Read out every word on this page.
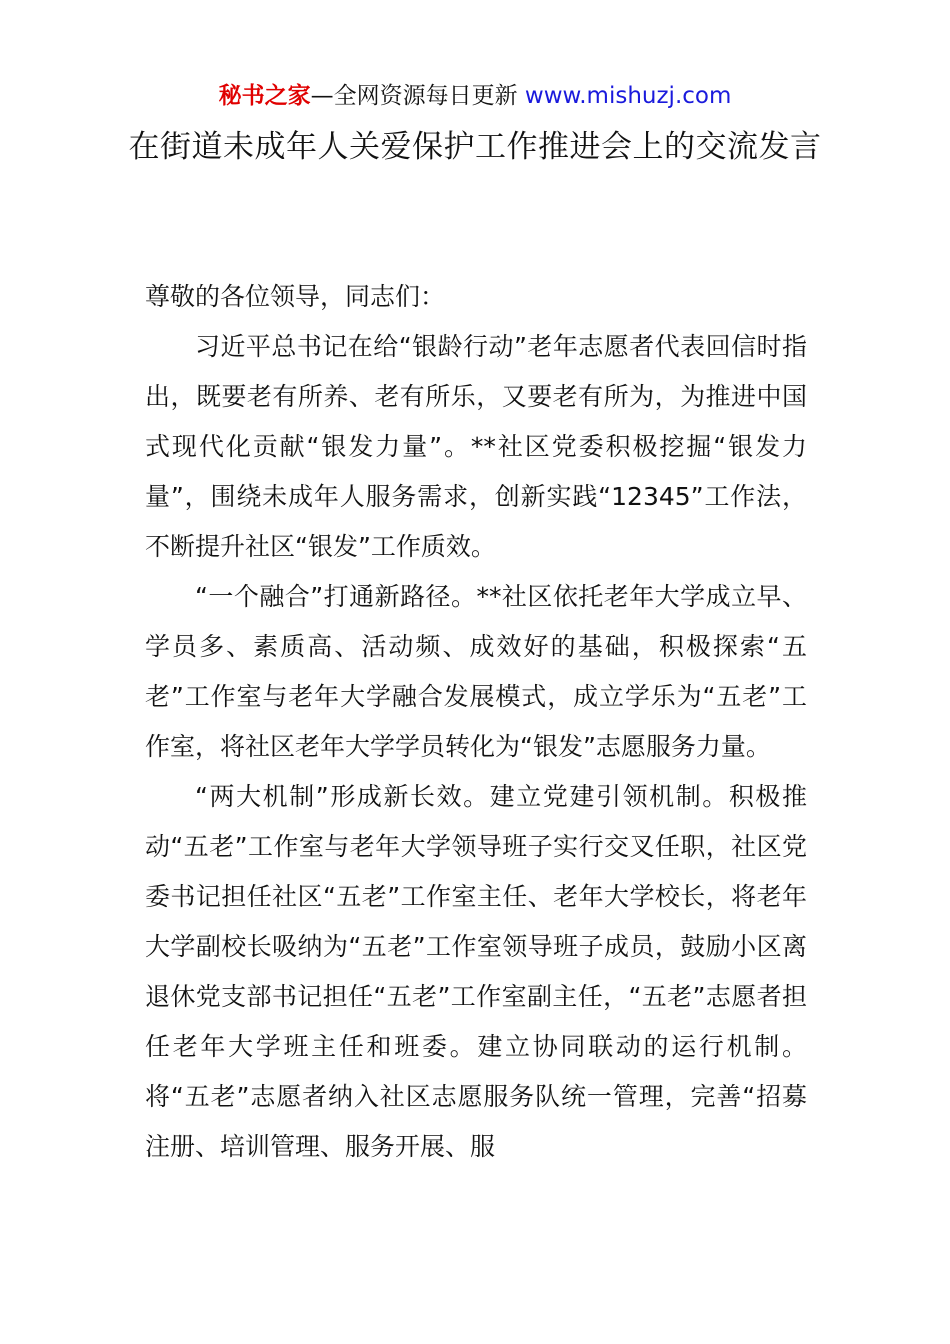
秘书之家—全网资源每日更新 www.mishuzj.com
在街道未成年人关爱保护工作推进会上的交流发言

尊敬的各位领导，同志们：

习近平总书记在给“银龄行动”老年志愿者代表回信时指出，既要老有所养、老有所乐，又要老有所为，为推进中国式现代化贡献“银发力量”。**社区党委积极挖掘“银发力量”，围绕未成年人服务需求，创新实践“12345”工作法，不断提升社区“银发”工作质效。

“一个融合”打通新路径。**社区依托老年大学成立早、学员多、素质高、活动频、成效好的基础，积极探索“五老”工作室与老年大学融合发展模式，成立学乐为“五老”工作室，将社区老年大学学员转化为“银发”志愿服务力量。

“两大机制”形成新长效。建立党建引领机制。积极推动“五老”工作室与老年大学领导班子实行交叉任职，社区党委书记担任社区“五老”工作室主任、老年大学校长，将老年大学副校长吸纳为“五老”工作室领导班子成员，鼓励小区离退休党支部书记担任“五老”工作室副主任，“五老”志愿者担任老年大学班主任和班委。建立协同联动的运行机制。将“五老”志愿者纳入社区志愿服务队统一管理，完善“招募注册、培训管理、服务开展、服
